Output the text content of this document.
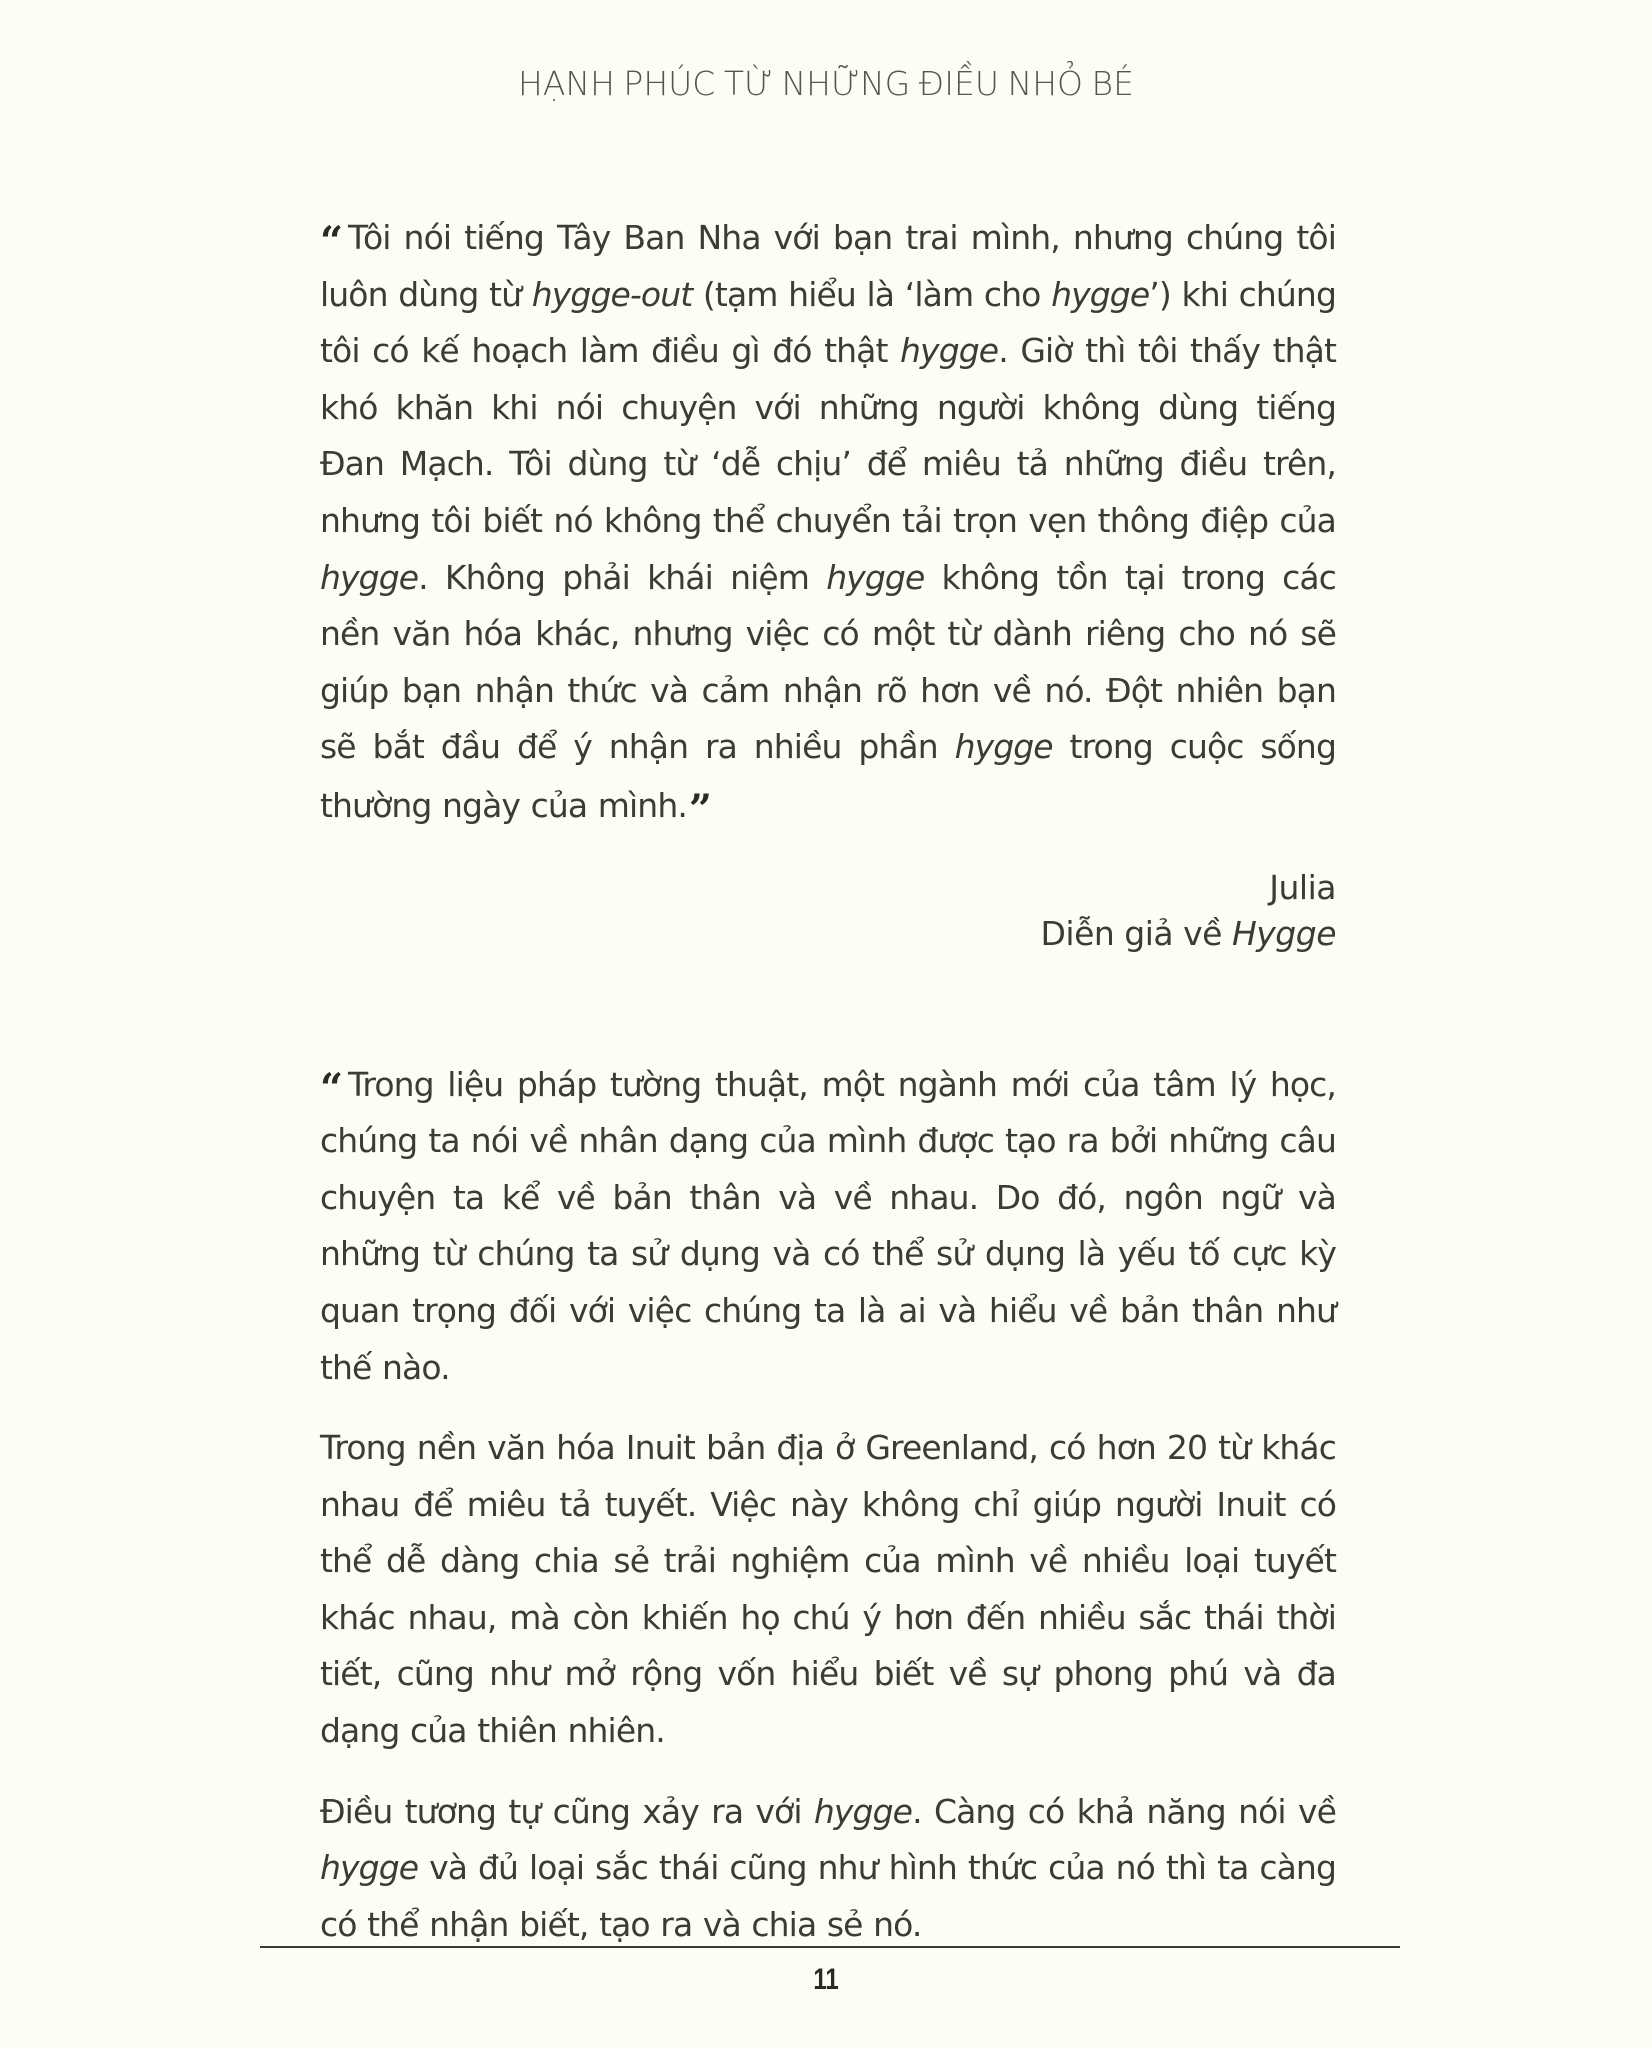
HẠNH PHÚC TỪ NHỮNG ĐIỀU NHỎ BÉ

“ Tôi nói tiếng Tây Ban Nha với bạn trai mình, nhưng chúng tôi luôn dùng từ hygge-out (tạm hiểu là ‘làm cho hygge’) khi chúng tôi có kế hoạch làm điều gì đó thật hygge. Giờ thì tôi thấy thật khó khăn khi nói chuyện với những người không dùng tiếng Đan Mạch. Tôi dùng từ ‘dễ chịu’ để miêu tả những điều trên, nhưng tôi biết nó không thể chuyển tải trọn vẹn thông điệp của hygge. Không phải khái niệm hygge không tồn tại trong các nền văn hóa khác, nhưng việc có một từ dành riêng cho nó sẽ giúp bạn nhận thức và cảm nhận rõ hơn về nó. Đột nhiên bạn sẽ bắt đầu để ý nhận ra nhiều phần hygge trong cuộc sống thường ngày của mình.”

Julia
Diễn giả về Hygge

“ Trong liệu pháp tường thuật, một ngành mới của tâm lý học, chúng ta nói về nhân dạng của mình được tạo ra bởi những câu chuyện ta kể về bản thân và về nhau. Do đó, ngôn ngữ và những từ chúng ta sử dụng và có thể sử dụng là yếu tố cực kỳ quan trọng đối với việc chúng ta là ai và hiểu về bản thân như thế nào.

Trong nền văn hóa Inuit bản địa ở Greenland, có hơn 20 từ khác nhau để miêu tả tuyết. Việc này không chỉ giúp người Inuit có thể dễ dàng chia sẻ trải nghiệm của mình về nhiều loại tuyết khác nhau, mà còn khiến họ chú ý hơn đến nhiều sắc thái thời tiết, cũng như mở rộng vốn hiểu biết về sự phong phú và đa dạng của thiên nhiên.

Điều tương tự cũng xảy ra với hygge. Càng có khả năng nói về hygge và đủ loại sắc thái cũng như hình thức của nó thì ta càng có thể nhận biết, tạo ra và chia sẻ nó.

11
